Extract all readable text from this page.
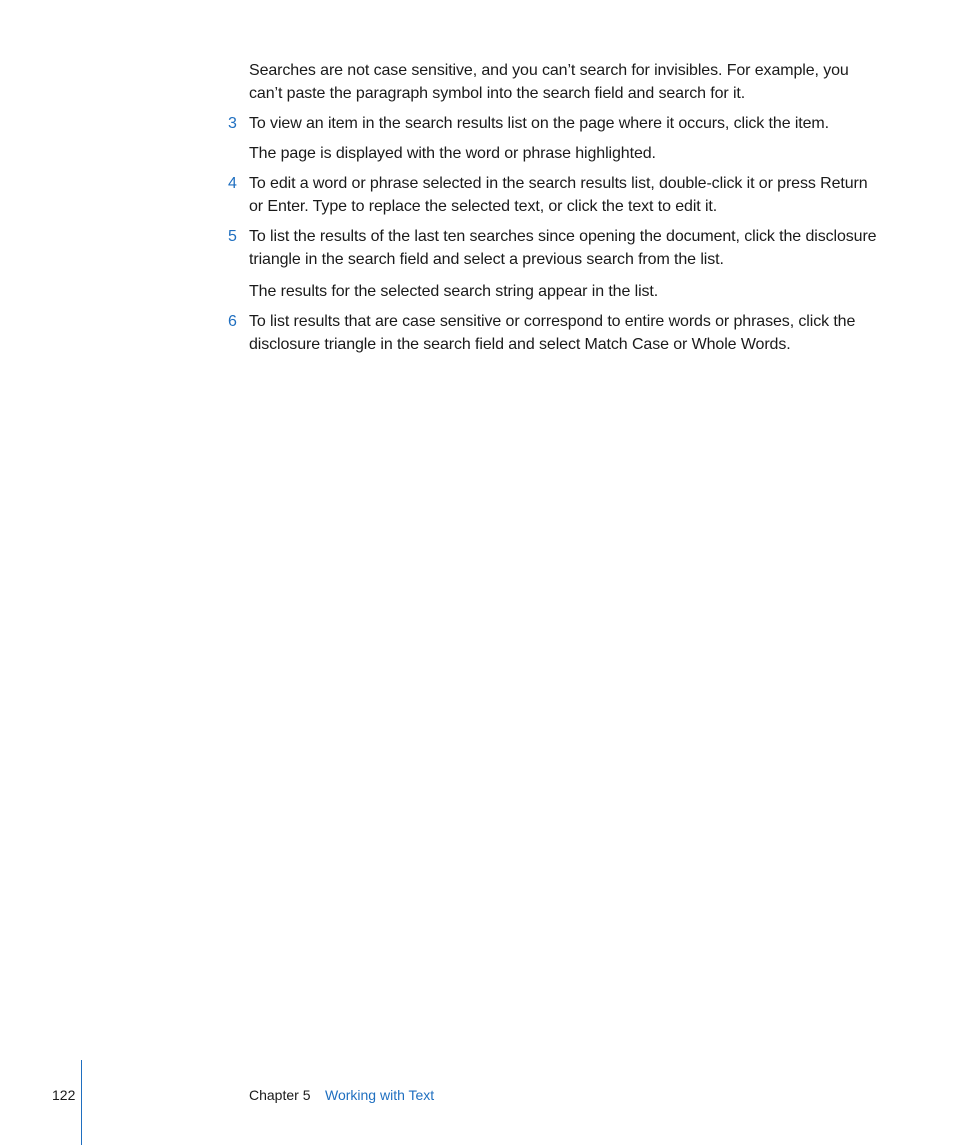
Searches are not case sensitive, and you can’t search for invisibles. For example, you can’t paste the paragraph symbol into the search field and search for it.

3 To view an item in the search results list on the page where it occurs, click the item.

The page is displayed with the word or phrase highlighted.

4 To edit a word or phrase selected in the search results list, double-click it or press Return or Enter. Type to replace the selected text, or click the text to edit it.
5 To list the results of the last ten searches since opening the document, click the disclosure triangle in the search field and select a previous search from the list.

The results for the selected search string appear in the list.

6 To list results that are case sensitive or correspond to entire words or phrases, click the disclosure triangle in the search field and select Match Case or Whole Words.
122	Chapter 5 Working with Text
